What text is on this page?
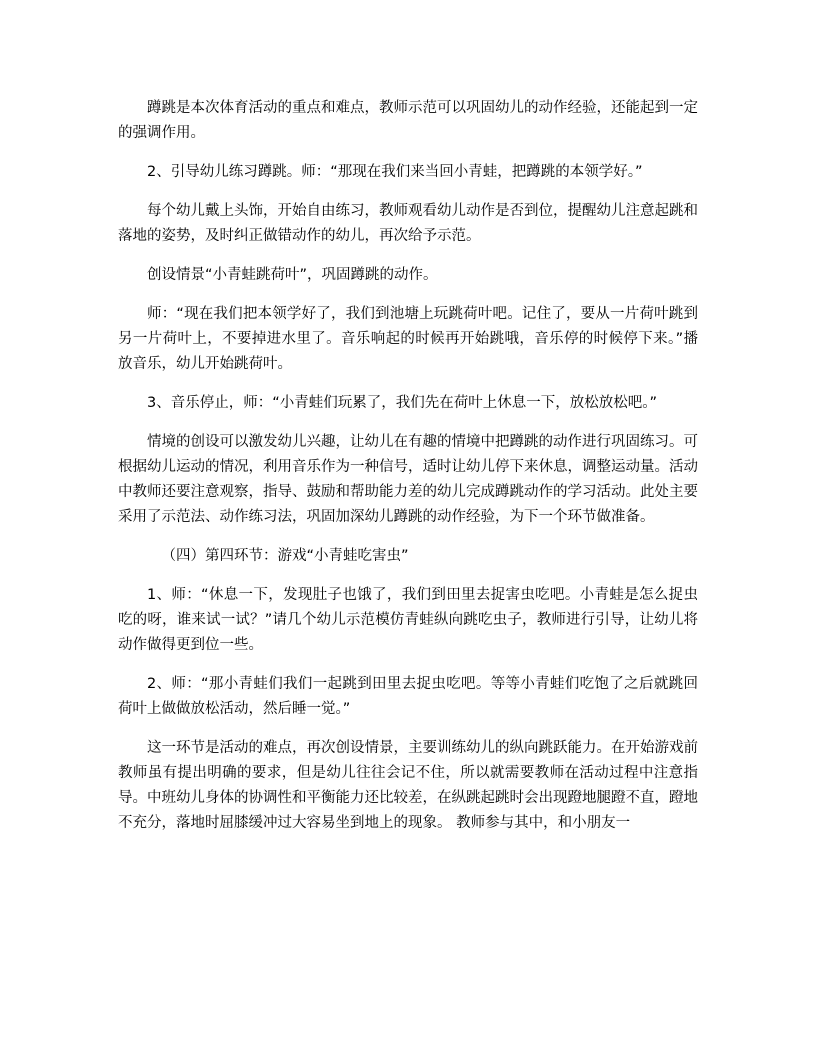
蹲跳是本次体育活动的重点和难点，教师示范可以巩固幼儿的动作经验，还能起到一定的强调作用。

2、引导幼儿练习蹲跳。师：“那现在我们来当回小青蛙，把蹲跳的本领学好。”

每个幼儿戴上头饰，开始自由练习，教师观看幼儿动作是否到位，提醒幼儿注意起跳和落地的姿势，及时纠正做错动作的幼儿，再次给予示范。

创设情景“小青蛙跳荷叶”，巩固蹲跳的动作。

师：“现在我们把本领学好了，我们到池塘上玩跳荷叶吧。记住了，要从一片荷叶跳到另一片荷叶上，不要掉进水里了。音乐响起的时候再开始跳哦，音乐停的时候停下来。”播放音乐，幼儿开始跳荷叶。

3、音乐停止，师：“小青蛙们玩累了，我们先在荷叶上休息一下，放松放松吧。”

情境的创设可以激发幼儿兴趣，让幼儿在有趣的情境中把蹲跳的动作进行巩固练习。可根据幼儿运动的情况，利用音乐作为一种信号，适时让幼儿停下来休息，调整运动量。活动中教师还要注意观察，指导、鼓励和帮助能力差的幼儿完成蹲跳动作的学习活动。此处主要采用了示范法、动作练习法，巩固加深幼儿蹲跳的动作经验，为下一个环节做准备。

（四）第四环节：游戏“小青蛙吃害虫”

1、师：“休息一下，发现肚子也饿了，我们到田里去捉害虫吃吧。小青蛙是怎么捉虫吃的呀，谁来试一试？”请几个幼儿示范模仿青蛙纵向跳吃虫子，教师进行引导，让幼儿将动作做得更到位一些。

2、师：“那小青蛙们我们一起跳到田里去捉虫吃吧。等等小青蛙们吃饱了之后就跳回荷叶上做做放松活动，然后睡一觉。”

这一环节是活动的难点，再次创设情景，主要训练幼儿的纵向跳跃能力。在开始游戏前教师虽有提出明确的要求，但是幼儿往往会记不住，所以就需要教师在活动过程中注意指导。中班幼儿身体的协调性和平衡能力还比较差，在纵跳起跳时会出现蹬地腿蹬不直，蹬地不充分，落地时屈膝缓冲过大容易坐到地上的现象。 教师参与其中，和小朋友一
